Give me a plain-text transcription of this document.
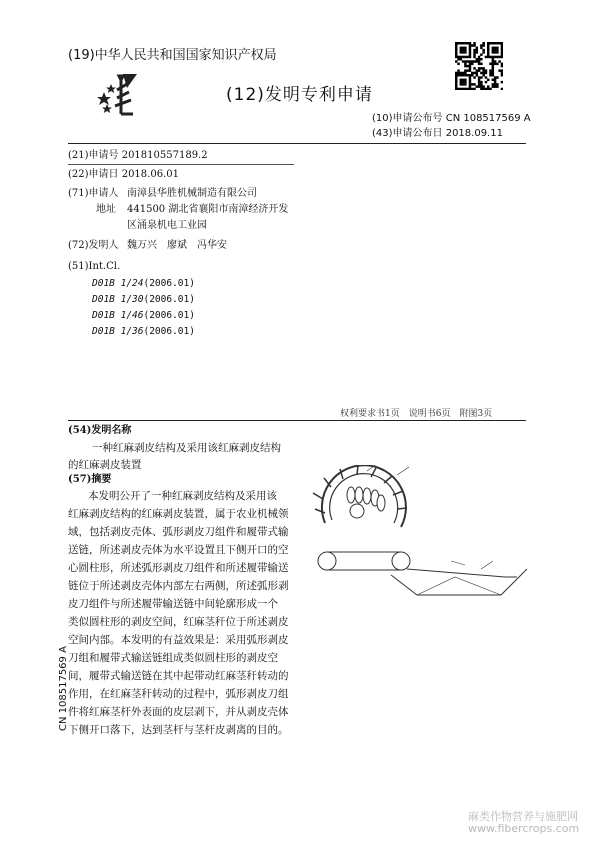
(19)中华人民共和国国家知识产权局
(12)发明专利申请
(10)申请公布号 CN 108517569 A
(43)申请公布日 2018.09.11
(21)申请号 201810557189.2
(22)申请日 2018.06.01
(71)申请人 南漳县华胜机械制造有限公司
地址 441500 湖北省襄阳市南漳经济开发
区涌泉机电工业园
(72)发明人 魏万兴　廖斌　冯华安
(51)Int.Cl.
D01B 1/24(2006.01)
D01B 1/30(2006.01)
D01B 1/46(2006.01)
D01B 1/36(2006.01)
权利要求书1页　说明书6页　附图3页
(54)发明名称
一种红麻剥皮结构及采用该红麻剥皮结构
的红麻剥皮装置
(57)摘要
本发明公开了一种红麻剥皮结构及采用该
红麻剥皮结构的红麻剥皮装置，属于农业机械领
域，包括剥皮壳体、弧形剥皮刀组件和履带式输
送链，所述剥皮壳体为水平设置且下侧开口的空
心圆柱形，所述弧形剥皮刀组件和所述履带输送
链位于所述剥皮壳体内部左右两侧，所述弧形剥
皮刀组件与所述履带输送链中间轮廓形成一个
类似圆柱形的剥皮空间，红麻茎秆位于所述剥皮
空间内部。本发明的有益效果是：采用弧形剥皮
刀组和履带式输送链组成类似圆柱形的剥皮空
间，履带式输送链在其中起带动红麻茎秆转动的
作用，在红麻茎秆转动的过程中，弧形剥皮刀组
件将红麻茎杆外表面的皮层剥下，并从剥皮壳体
下侧开口落下，达到茎杆与茎杆皮剥离的目的。
CN 108517569 A
麻类作物营养与施肥网
www.fibercrops.com
